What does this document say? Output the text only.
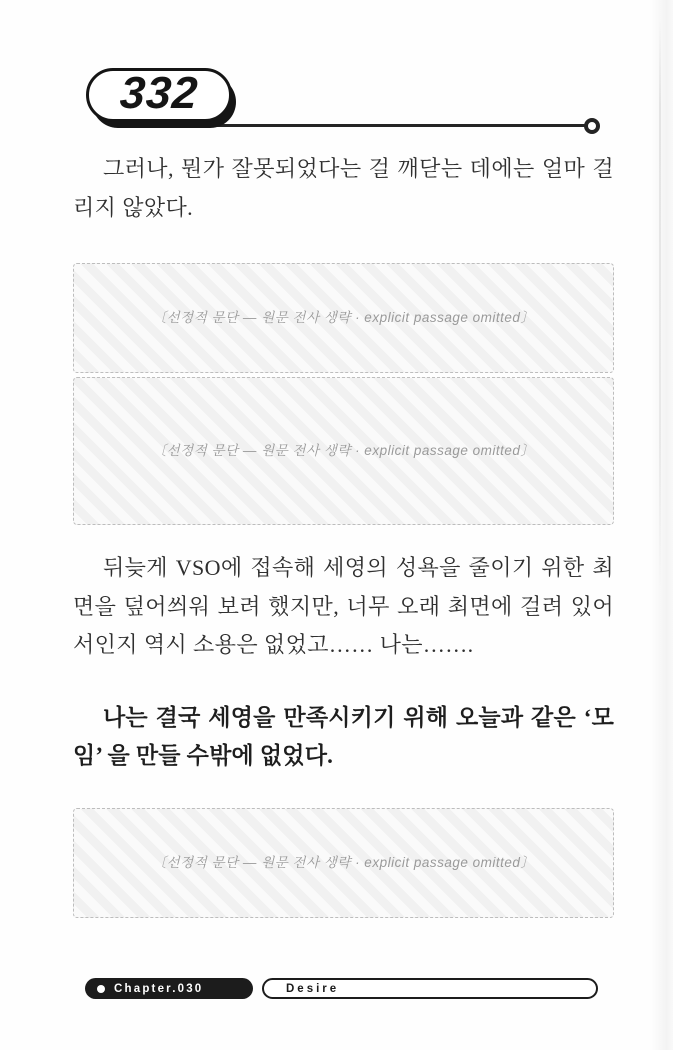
332

그러나, 뭔가 잘못되었다는 걸 깨닫는 데에는 얼마 걸리지 않았다.

〔선정적 문단 — 원문 전사 생략 · explicit passage omitted〕

〔선정적 문단 — 원문 전사 생략 · explicit passage omitted〕

뒤늦게 VSO에 접속해 세영의 성욕을 줄이기 위한 최면을 덮어씌워 보려 했지만, 너무 오래 최면에 걸려 있어서인지 역시 소용은 없었고…… 나는…….

나는 결국 세영을 만족시키기 위해 오늘과 같은 ‘모임’ 을 만들 수밖에 없었다.

〔선정적 문단 — 원문 전사 생략 · explicit passage omitted〕

Chapter.030	Desire
